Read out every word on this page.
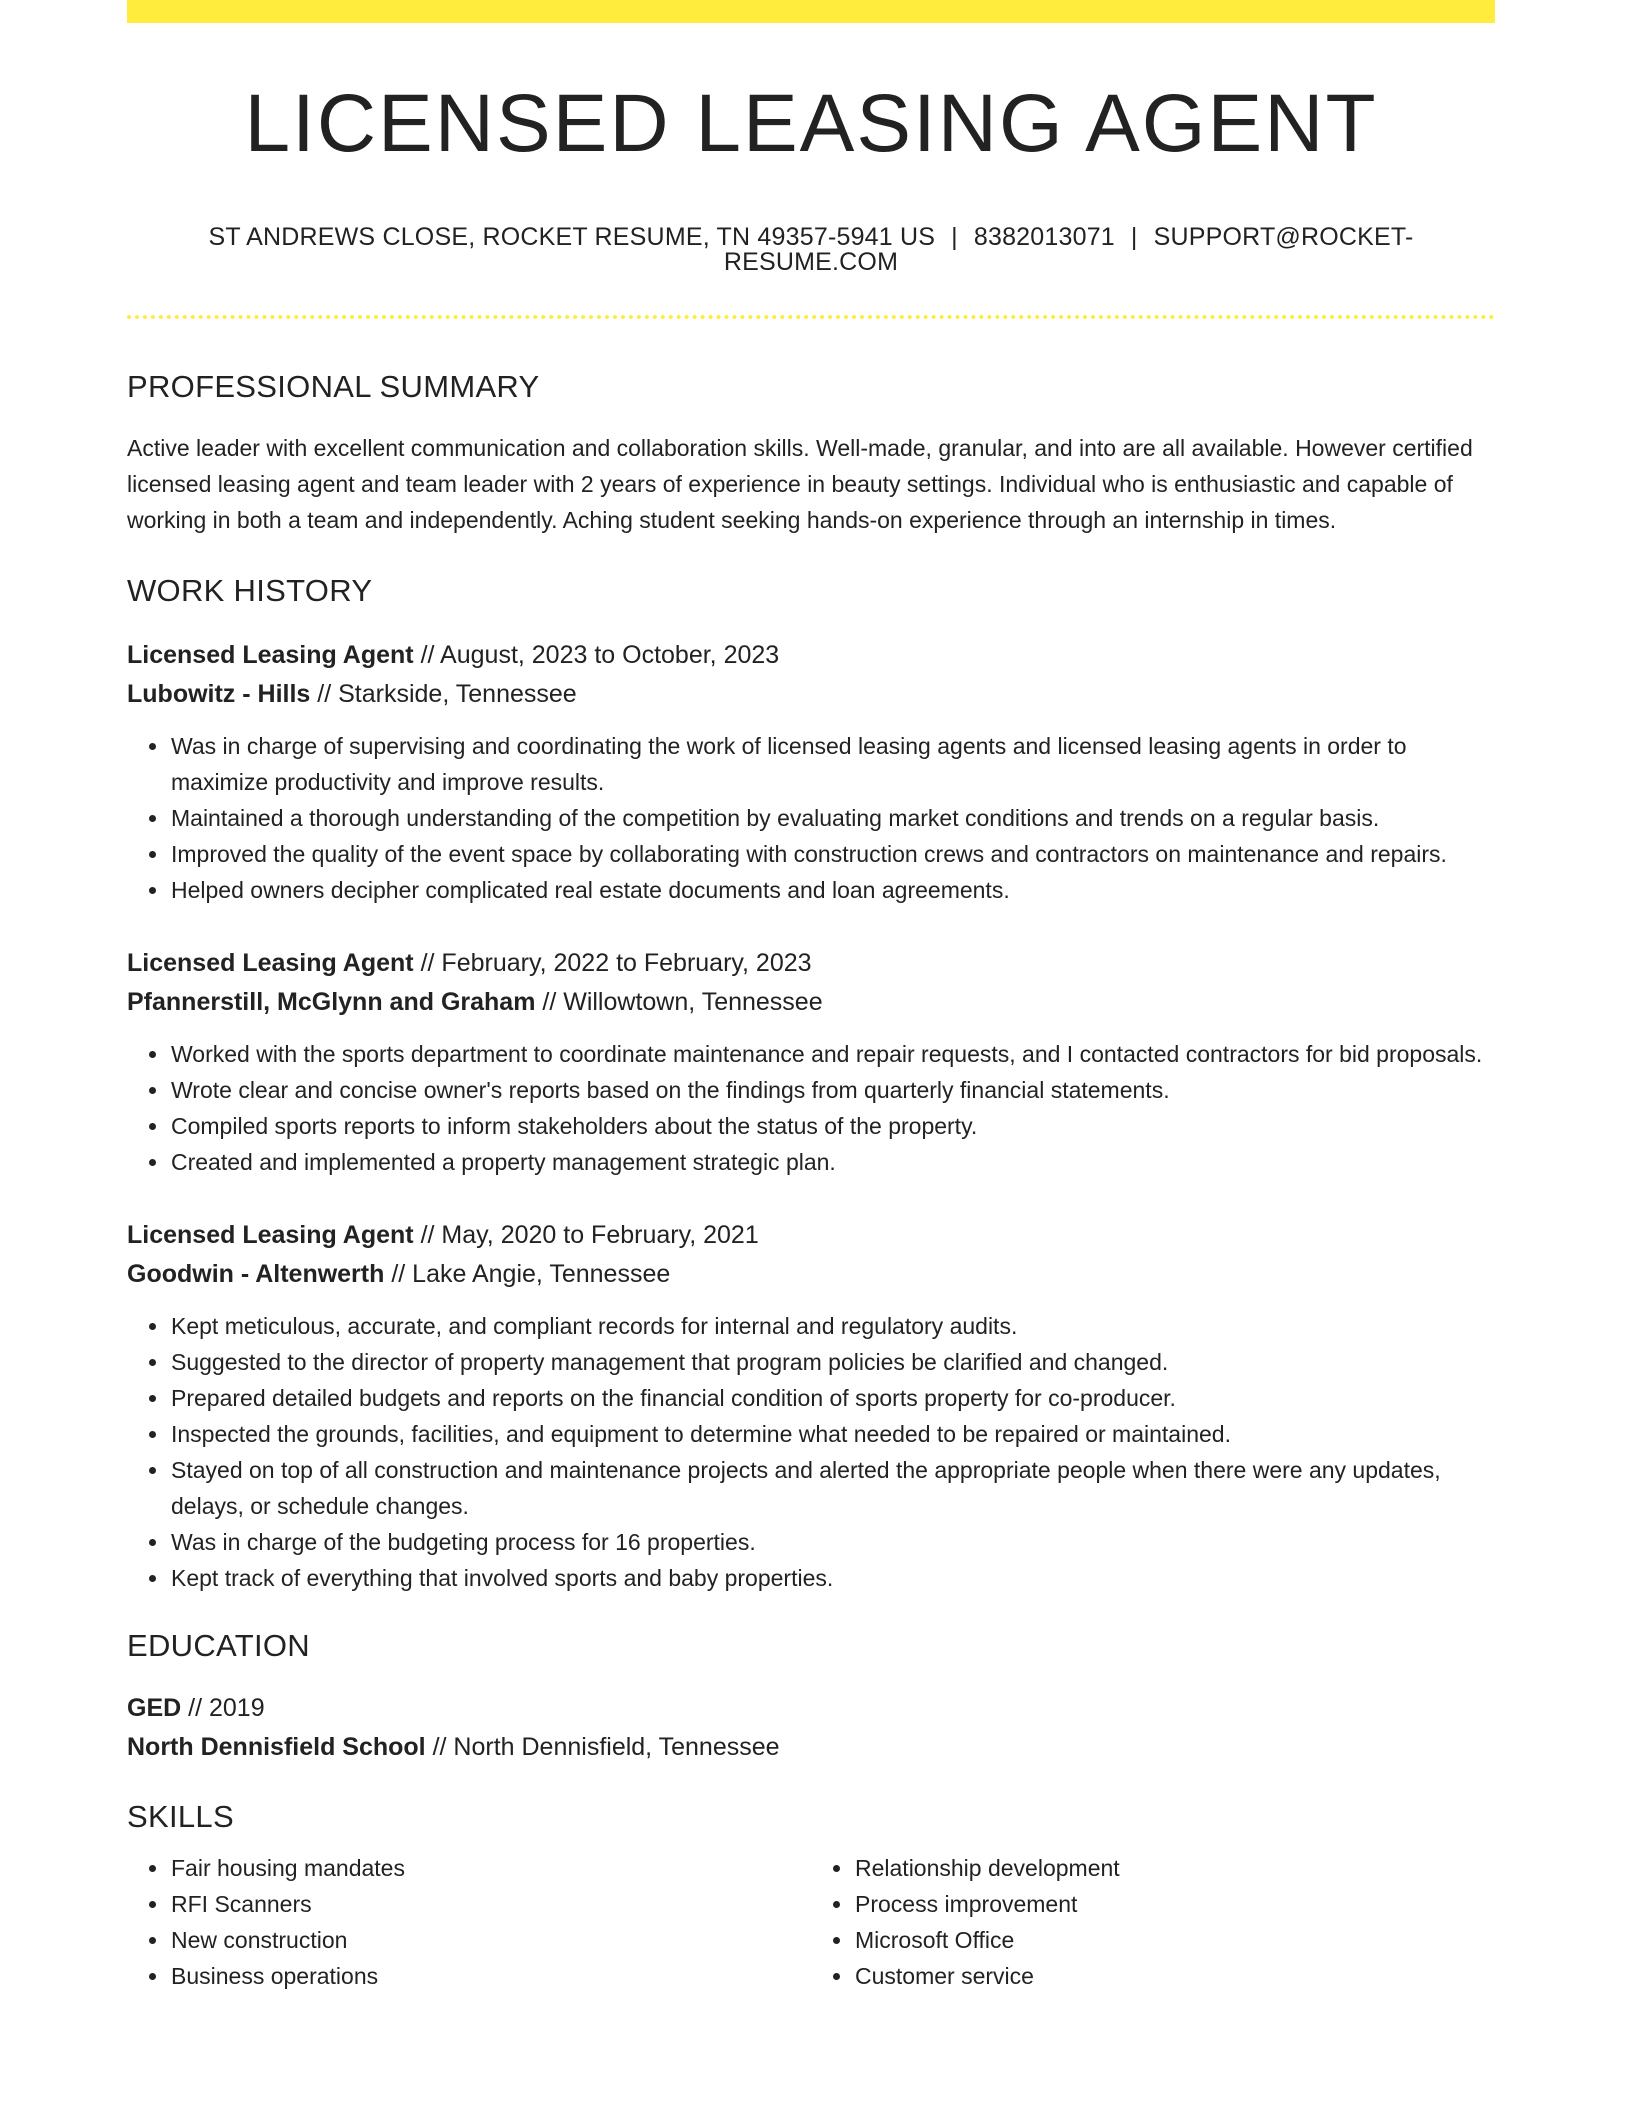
LICENSED LEASING AGENT
ST ANDREWS CLOSE, ROCKET RESUME, TN 49357-5941 US | 8382013071 | SUPPORT@ROCKET-RESUME.COM
PROFESSIONAL SUMMARY

Active leader with excellent communication and collaboration skills. Well-made, granular, and into are all available. However certified licensed leasing agent and team leader with 2 years of experience in beauty settings. Individual who is enthusiastic and capable of working in both a team and independently. Aching student seeking hands-on experience through an internship in times.

WORK HISTORY
Licensed Leasing Agent // August, 2023 to October, 2023
Lubowitz - Hills // Starkside, Tennessee
• Was in charge of supervising and coordinating the work of licensed leasing agents and licensed leasing agents in order to maximize productivity and improve results.
• Maintained a thorough understanding of the competition by evaluating market conditions and trends on a regular basis.
• Improved the quality of the event space by collaborating with construction crews and contractors on maintenance and repairs.
• Helped owners decipher complicated real estate documents and loan agreements.
Licensed Leasing Agent // February, 2022 to February, 2023
Pfannerstill, McGlynn and Graham // Willowtown, Tennessee
• Worked with the sports department to coordinate maintenance and repair requests, and I contacted contractors for bid proposals.
• Wrote clear and concise owner's reports based on the findings from quarterly financial statements.
• Compiled sports reports to inform stakeholders about the status of the property.
• Created and implemented a property management strategic plan.
Licensed Leasing Agent // May, 2020 to February, 2021
Goodwin - Altenwerth // Lake Angie, Tennessee
• Kept meticulous, accurate, and compliant records for internal and regulatory audits.
• Suggested to the director of property management that program policies be clarified and changed.
• Prepared detailed budgets and reports on the financial condition of sports property for co-producer.
• Inspected the grounds, facilities, and equipment to determine what needed to be repaired or maintained.
• Stayed on top of all construction and maintenance projects and alerted the appropriate people when there were any updates, delays, or schedule changes.
• Was in charge of the budgeting process for 16 properties.
• Kept track of everything that involved sports and baby properties.
EDUCATION
GED // 2019
North Dennisfield School // North Dennisfield, Tennessee
SKILLS
• Fair housing mandates
• RFI Scanners
• New construction
• Business operations
• Relationship development
• Process improvement
• Microsoft Office
• Customer service
